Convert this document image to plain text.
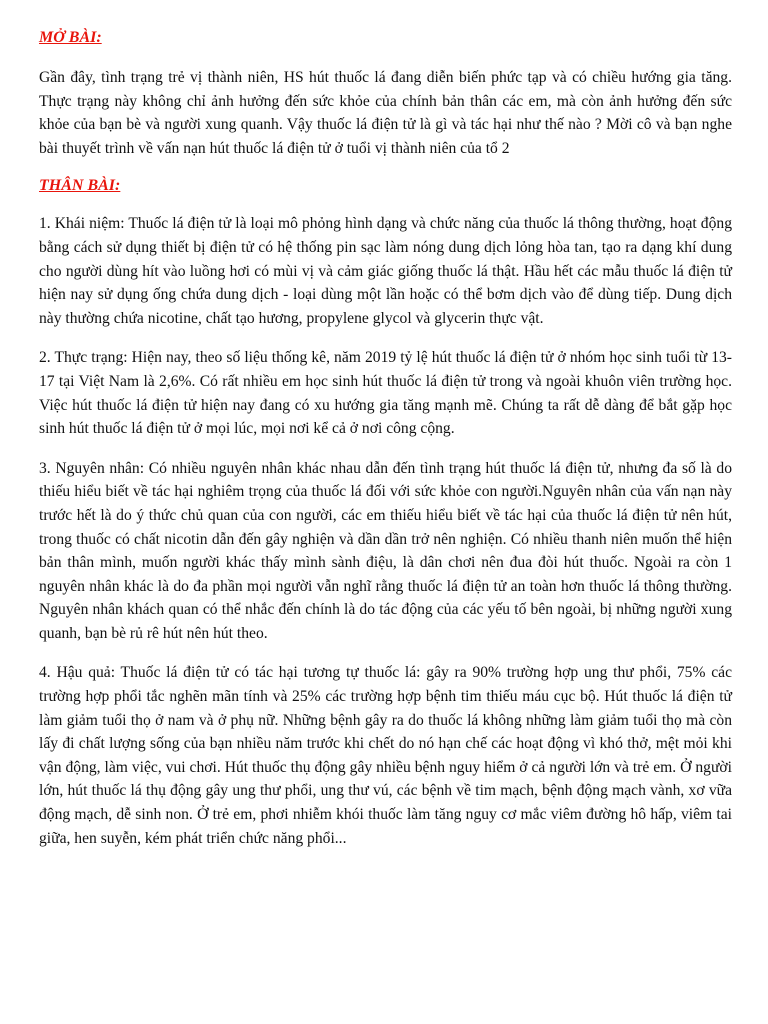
MỞ BÀI:

Gần đây, tình trạng trẻ vị thành niên, HS hút thuốc lá đang diễn biến phức tạp và có chiều hướng gia tăng. Thực trạng này không chỉ ảnh hưởng đến sức khỏe của chính bản thân các em, mà còn ảnh hưởng đến sức khỏe của bạn bè và người xung quanh. Vậy thuốc lá điện tử là gì và tác hại như thế nào ? Mời cô và bạn nghe bài thuyết trình về vấn nạn hút thuốc lá điện tử ở tuổi vị thành niên của tổ 2

THÂN BÀI:

1. Khái niệm: Thuốc lá điện tử là loại mô phỏng hình dạng và chức năng của thuốc lá thông thường, hoạt động bằng cách sử dụng thiết bị điện tử có hệ thống pin sạc làm nóng dung dịch lỏng hòa tan, tạo ra dạng khí dung cho người dùng hít vào luồng hơi có mùi vị và cảm giác giống thuốc lá thật. Hầu hết các mẫu thuốc lá điện tử hiện nay sử dụng ống chứa dung dịch - loại dùng một lần hoặc có thể bơm dịch vào để dùng tiếp. Dung dịch này thường chứa nicotine, chất tạo hương, propylene glycol và glycerin thực vật.

2. Thực trạng: Hiện nay, theo số liệu thống kê, năm 2019 tỷ lệ hút thuốc lá điện tử ở nhóm học sinh tuổi từ 13-17 tại Việt Nam là 2,6%. Có rất nhiều em học sinh hút thuốc lá điện tử trong và ngoài khuôn viên trường học. Việc hút thuốc lá điện tử hiện nay đang có xu hướng gia tăng mạnh mẽ. Chúng ta rất dễ dàng để bắt gặp học sinh hút thuốc lá điện tử ở mọi lúc, mọi nơi kể cả ở nơi công cộng.

3. Nguyên nhân: Có nhiều nguyên nhân khác nhau dẫn đến tình trạng hút thuốc lá điện tử, nhưng đa số là do thiếu hiểu biết về tác hại nghiêm trọng của thuốc lá đối với sức khỏe con người.Nguyên nhân của vấn nạn này trước hết là do ý thức chủ quan của con người, các em thiếu hiểu biết về tác hại của thuốc lá điện tử nên hút, trong thuốc có chất nicotin dẫn đến gây nghiện và dần dần trở nên nghiện. Có nhiều thanh niên muốn thể hiện bản thân mình, muốn người khác thấy mình sành điệu, là dân chơi nên đua đòi hút thuốc. Ngoài ra còn 1 nguyên nhân khác là do đa phần mọi người vẫn nghĩ rằng thuốc lá điện tử an toàn hơn thuốc lá thông thường. Nguyên nhân khách quan có thể nhắc đến chính là do tác động của các yếu tố bên ngoài, bị những người xung quanh, bạn bè rủ rê hút nên hút theo.

4. Hậu quả: Thuốc lá điện tử có tác hại tương tự thuốc lá: gây ra 90% trường hợp ung thư phổi, 75% các trường hợp phổi tắc nghẽn mãn tính và 25% các trường hợp bệnh tim thiếu máu cục bộ. Hút thuốc lá điện tử làm giảm tuổi thọ ở nam và ở phụ nữ. Những bệnh gây ra do thuốc lá không những làm giảm tuổi thọ mà còn lấy đi chất lượng sống của bạn nhiều năm trước khi chết do nó hạn chế các hoạt động vì khó thở, mệt mỏi khi vận động, làm việc, vui chơi. Hút thuốc thụ động gây nhiều bệnh nguy hiểm ở cả người lớn và trẻ em. Ở người lớn, hút thuốc lá thụ động gây ung thư phổi, ung thư vú, các bệnh về tim mạch, bệnh động mạch vành, xơ vữa động mạch, dễ sinh non. Ở trẻ em, phơi nhiễm khói thuốc làm tăng nguy cơ mắc viêm đường hô hấp, viêm tai giữa, hen suyễn, kém phát triển chức năng phổi...
